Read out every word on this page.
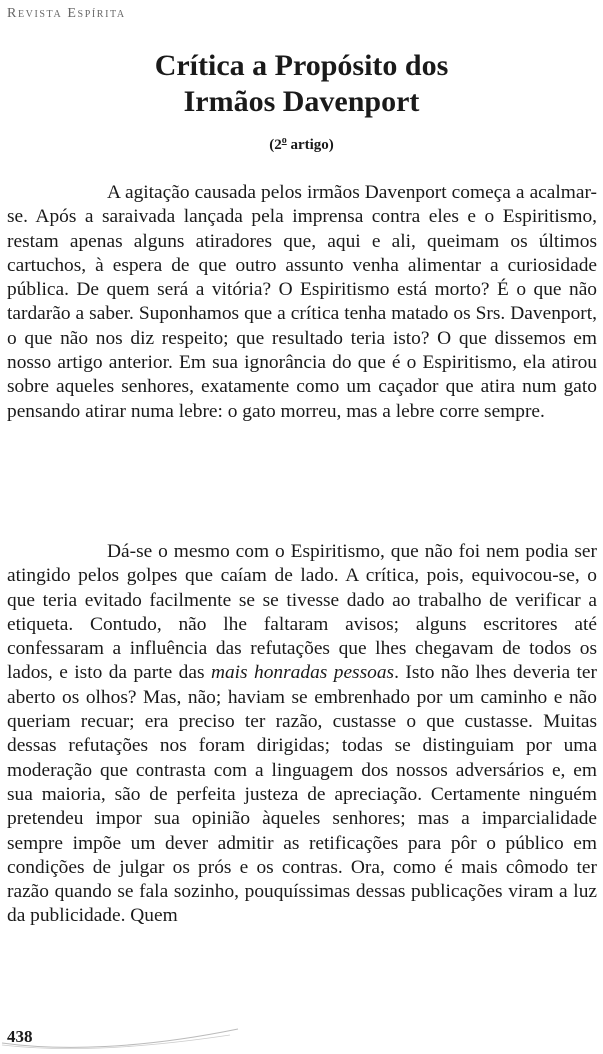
Revista Espírita
Crítica a Propósito dos
Irmãos Davenport
(2$^o$ artigo)

A agitação causada pelos irmãos Davenport começa a acalmar-se. Após a saraivada lançada pela imprensa contra eles e o Espiritismo, restam apenas alguns atiradores que, aqui e ali, queimam os últimos cartuchos, à espera de que outro assunto venha alimentar a curiosidade pública. De quem será a vitória? O Espiritismo está morto? É o que não tardarão a saber. Suponhamos que a crítica tenha matado os Srs. Davenport, o que não nos diz respeito; que resultado teria isto? O que dissemos em nosso artigo anterior. Em sua ignorância do que é o Espiritismo, ela atirou sobre aqueles senhores, exatamente como um caçador que atira num gato pensando atirar numa lebre: o gato morreu, mas a lebre corre sempre.

Dá-se o mesmo com o Espiritismo, que não foi nem podia ser atingido pelos golpes que caíam de lado. A crítica, pois, equivocou-se, o que teria evitado facilmente se se tivesse dado ao trabalho de verificar a etiqueta. Contudo, não lhe faltaram avisos; alguns escritores até confessaram a influência das refutações que lhes chegavam de todos os lados, e isto da parte das mais honradas pessoas. Isto não lhes deveria ter aberto os olhos? Mas, não; haviam se embrenhado por um caminho e não queriam recuar; era preciso ter razão, custasse o que custasse. Muitas dessas refutações nos foram dirigidas; todas se distinguiam por uma moderação que contrasta com a linguagem dos nossos adversários e, em sua maioria, são de perfeita justeza de apreciação. Certamente ninguém pretendeu impor sua opinião àqueles senhores; mas a imparcialidade sempre impõe um dever admitir as retificações para pôr o público em condições de julgar os prós e os contras. Ora, como é mais cômodo ter razão quando se fala sozinho, pouquíssimas dessas publicações viram a luz da publicidade. Quem

438
